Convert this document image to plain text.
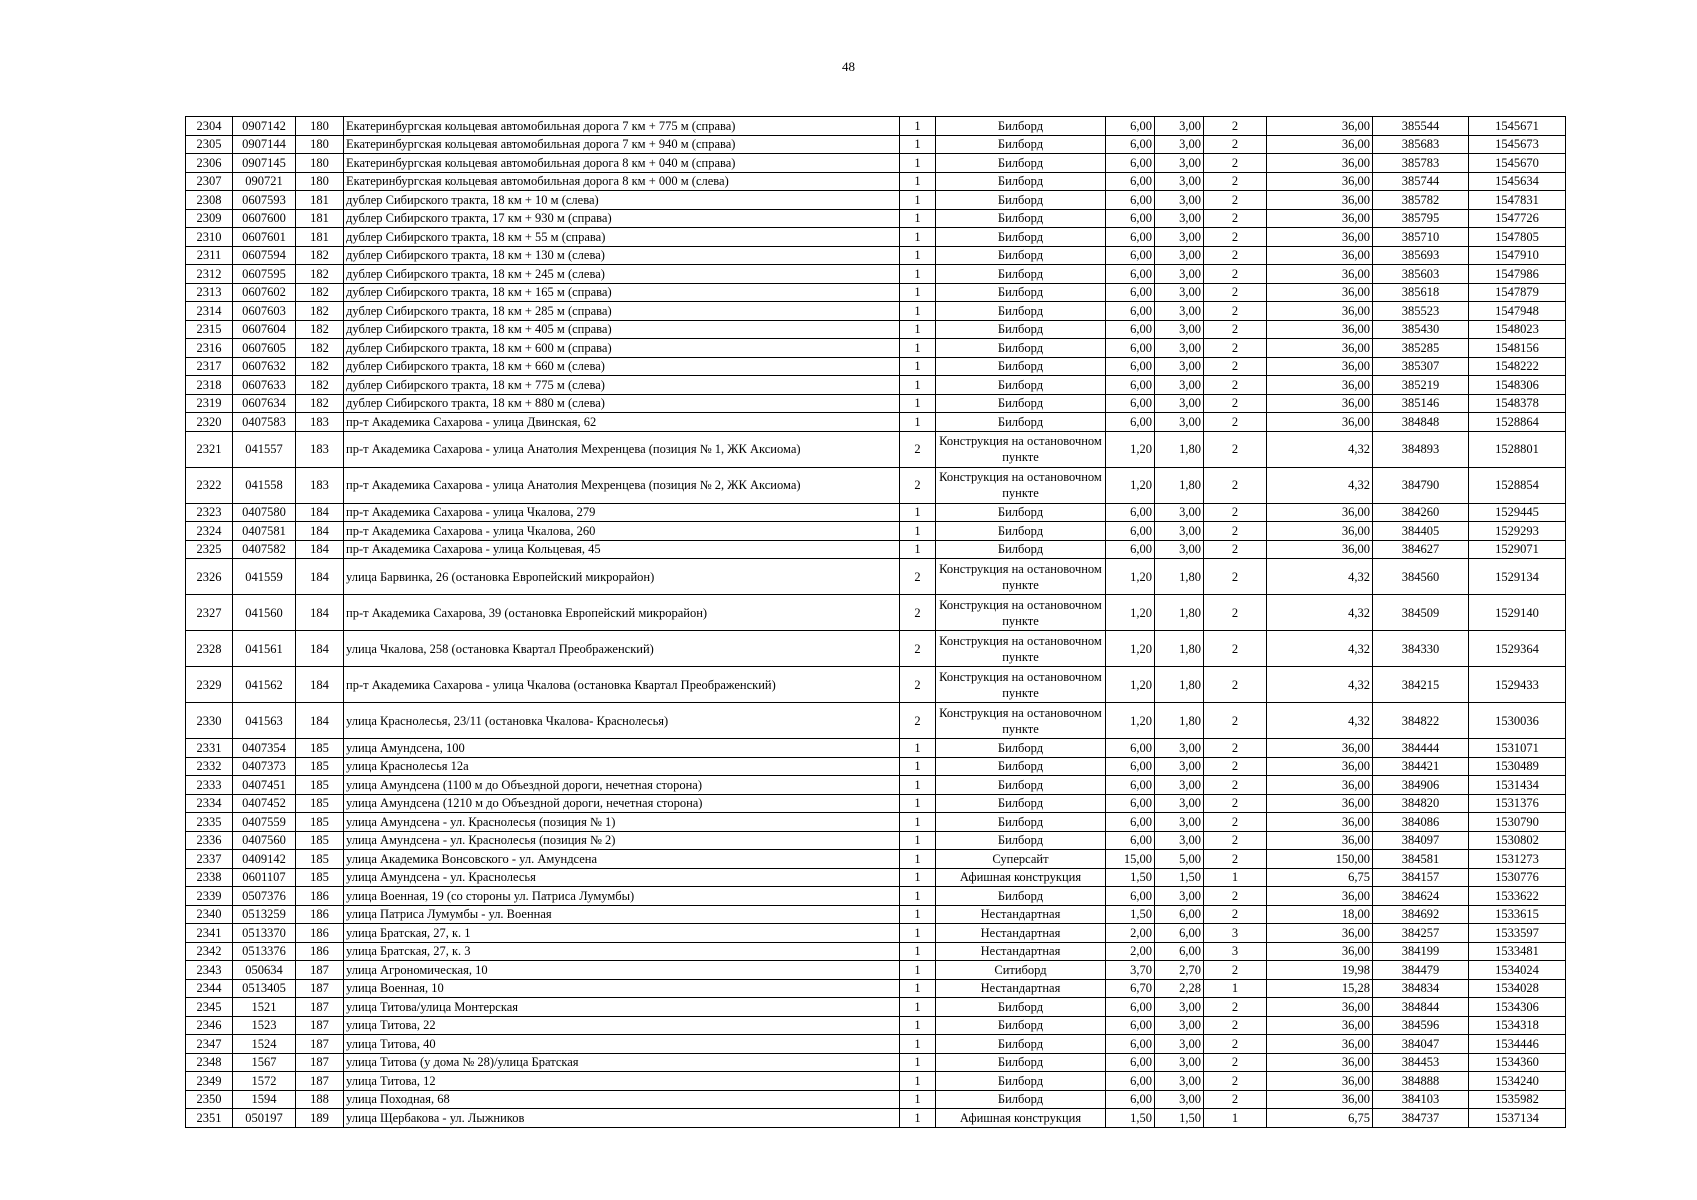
48
2304	0907142	180	Екатеринбургская кольцевая автомобильная дорога 7 км + 775 м (справа)	1	Билборд	6,00	3,00	2	36,00	385544	1545671
2305	0907144	180	Екатеринбургская кольцевая автомобильная дорога 7 км + 940 м (справа)	1	Билборд	6,00	3,00	2	36,00	385683	1545673
2306	0907145	180	Екатеринбургская кольцевая автомобильная дорога 8 км + 040 м (справа)	1	Билборд	6,00	3,00	2	36,00	385783	1545670
2307	090721	180	Екатеринбургская кольцевая автомобильная дорога 8 км + 000 м (слева)	1	Билборд	6,00	3,00	2	36,00	385744	1545634
2308	0607593	181	дублер Сибирского тракта, 18 км + 10 м (слева)	1	Билборд	6,00	3,00	2	36,00	385782	1547831
2309	0607600	181	дублер Сибирского тракта, 17 км + 930 м (справа)	1	Билборд	6,00	3,00	2	36,00	385795	1547726
2310	0607601	181	дублер Сибирского тракта, 18 км + 55 м (справа)	1	Билборд	6,00	3,00	2	36,00	385710	1547805
2311	0607594	182	дублер Сибирского тракта, 18 км + 130 м (слева)	1	Билборд	6,00	3,00	2	36,00	385693	1547910
2312	0607595	182	дублер Сибирского тракта, 18 км + 245 м (слева)	1	Билборд	6,00	3,00	2	36,00	385603	1547986
2313	0607602	182	дублер Сибирского тракта, 18 км + 165 м (справа)	1	Билборд	6,00	3,00	2	36,00	385618	1547879
2314	0607603	182	дублер Сибирского тракта, 18 км + 285 м (справа)	1	Билборд	6,00	3,00	2	36,00	385523	1547948
2315	0607604	182	дублер Сибирского тракта, 18 км + 405 м (справа)	1	Билборд	6,00	3,00	2	36,00	385430	1548023
2316	0607605	182	дублер Сибирского тракта, 18 км + 600 м (справа)	1	Билборд	6,00	3,00	2	36,00	385285	1548156
2317	0607632	182	дублер Сибирского тракта, 18 км + 660 м (слева)	1	Билборд	6,00	3,00	2	36,00	385307	1548222
2318	0607633	182	дублер Сибирского тракта, 18 км + 775 м (слева)	1	Билборд	6,00	3,00	2	36,00	385219	1548306
2319	0607634	182	дублер Сибирского тракта, 18 км + 880 м (слева)	1	Билборд	6,00	3,00	2	36,00	385146	1548378
2320	0407583	183	пр-т Академика Сахарова - улица Двинская, 62	1	Билборд	6,00	3,00	2	36,00	384848	1528864
2321	041557	183	пр-т Академика Сахарова - улица Анатолия Мехренцева (позиция № 1, ЖК Аксиома)	2	Конструкция на остановочном пункте	1,20	1,80	2	4,32	384893	1528801
2322	041558	183	пр-т Академика Сахарова - улица Анатолия Мехренцева (позиция № 2, ЖК Аксиома)	2	Конструкция на остановочном пункте	1,20	1,80	2	4,32	384790	1528854
2323	0407580	184	пр-т Академика Сахарова - улица Чкалова, 279	1	Билборд	6,00	3,00	2	36,00	384260	1529445
2324	0407581	184	пр-т Академика Сахарова - улица Чкалова, 260	1	Билборд	6,00	3,00	2	36,00	384405	1529293
2325	0407582	184	пр-т Академика Сахарова - улица Кольцевая, 45	1	Билборд	6,00	3,00	2	36,00	384627	1529071
2326	041559	184	улица Барвинка, 26 (остановка Европейский микрорайон)	2	Конструкция на остановочном пункте	1,20	1,80	2	4,32	384560	1529134
2327	041560	184	пр-т Академика Сахарова, 39 (остановка Европейский микрорайон)	2	Конструкция на остановочном пункте	1,20	1,80	2	4,32	384509	1529140
2328	041561	184	улица Чкалова, 258 (остановка Квартал Преображенский)	2	Конструкция на остановочном пункте	1,20	1,80	2	4,32	384330	1529364
2329	041562	184	пр-т Академика Сахарова - улица Чкалова (остановка Квартал Преображенский)	2	Конструкция на остановочном пункте	1,20	1,80	2	4,32	384215	1529433
2330	041563	184	улица Краснолесья, 23/11 (остановка Чкалова- Краснолесья)	2	Конструкция на остановочном пункте	1,20	1,80	2	4,32	384822	1530036
2331	0407354	185	улица Амундсена, 100	1	Билборд	6,00	3,00	2	36,00	384444	1531071
2332	0407373	185	улица Краснолесья 12а	1	Билборд	6,00	3,00	2	36,00	384421	1530489
2333	0407451	185	улица Амундсена (1100 м до Объездной дороги, нечетная сторона)	1	Билборд	6,00	3,00	2	36,00	384906	1531434
2334	0407452	185	улица Амундсена (1210 м до Объездной дороги, нечетная сторона)	1	Билборд	6,00	3,00	2	36,00	384820	1531376
2335	0407559	185	улица Амундсена - ул. Краснолесья (позиция № 1)	1	Билборд	6,00	3,00	2	36,00	384086	1530790
2336	0407560	185	улица Амундсена - ул. Краснолесья (позиция № 2)	1	Билборд	6,00	3,00	2	36,00	384097	1530802
2337	0409142	185	улица Академика Вонсовского - ул. Амундсена	1	Суперсайт	15,00	5,00	2	150,00	384581	1531273
2338	0601107	185	улица Амундсена - ул. Краснолесья	1	Афишная конструкция	1,50	1,50	1	6,75	384157	1530776
2339	0507376	186	улица Военная, 19 (со стороны ул. Патриса Лумумбы)	1	Билборд	6,00	3,00	2	36,00	384624	1533622
2340	0513259	186	улица Патриса Лумумбы - ул. Военная	1	Нестандартная	1,50	6,00	2	18,00	384692	1533615
2341	0513370	186	улица Братская, 27, к. 1	1	Нестандартная	2,00	6,00	3	36,00	384257	1533597
2342	0513376	186	улица Братская, 27, к. 3	1	Нестандартная	2,00	6,00	3	36,00	384199	1533481
2343	050634	187	улица Агрономическая, 10	1	Ситиборд	3,70	2,70	2	19,98	384479	1534024
2344	0513405	187	улица Военная, 10	1	Нестандартная	6,70	2,28	1	15,28	384834	1534028
2345	1521	187	улица Титова/улица Монтерская	1	Билборд	6,00	3,00	2	36,00	384844	1534306
2346	1523	187	улица Титова, 22	1	Билборд	6,00	3,00	2	36,00	384596	1534318
2347	1524	187	улица Титова, 40	1	Билборд	6,00	3,00	2	36,00	384047	1534446
2348	1567	187	улица Титова (у дома № 28)/улица Братская	1	Билборд	6,00	3,00	2	36,00	384453	1534360
2349	1572	187	улица Титова, 12	1	Билборд	6,00	3,00	2	36,00	384888	1534240
2350	1594	188	улица Походная, 68	1	Билборд	6,00	3,00	2	36,00	384103	1535982
2351	050197	189	улица Щербакова - ул. Лыжников	1	Афишная конструкция	1,50	1,50	1	6,75	384737	1537134
